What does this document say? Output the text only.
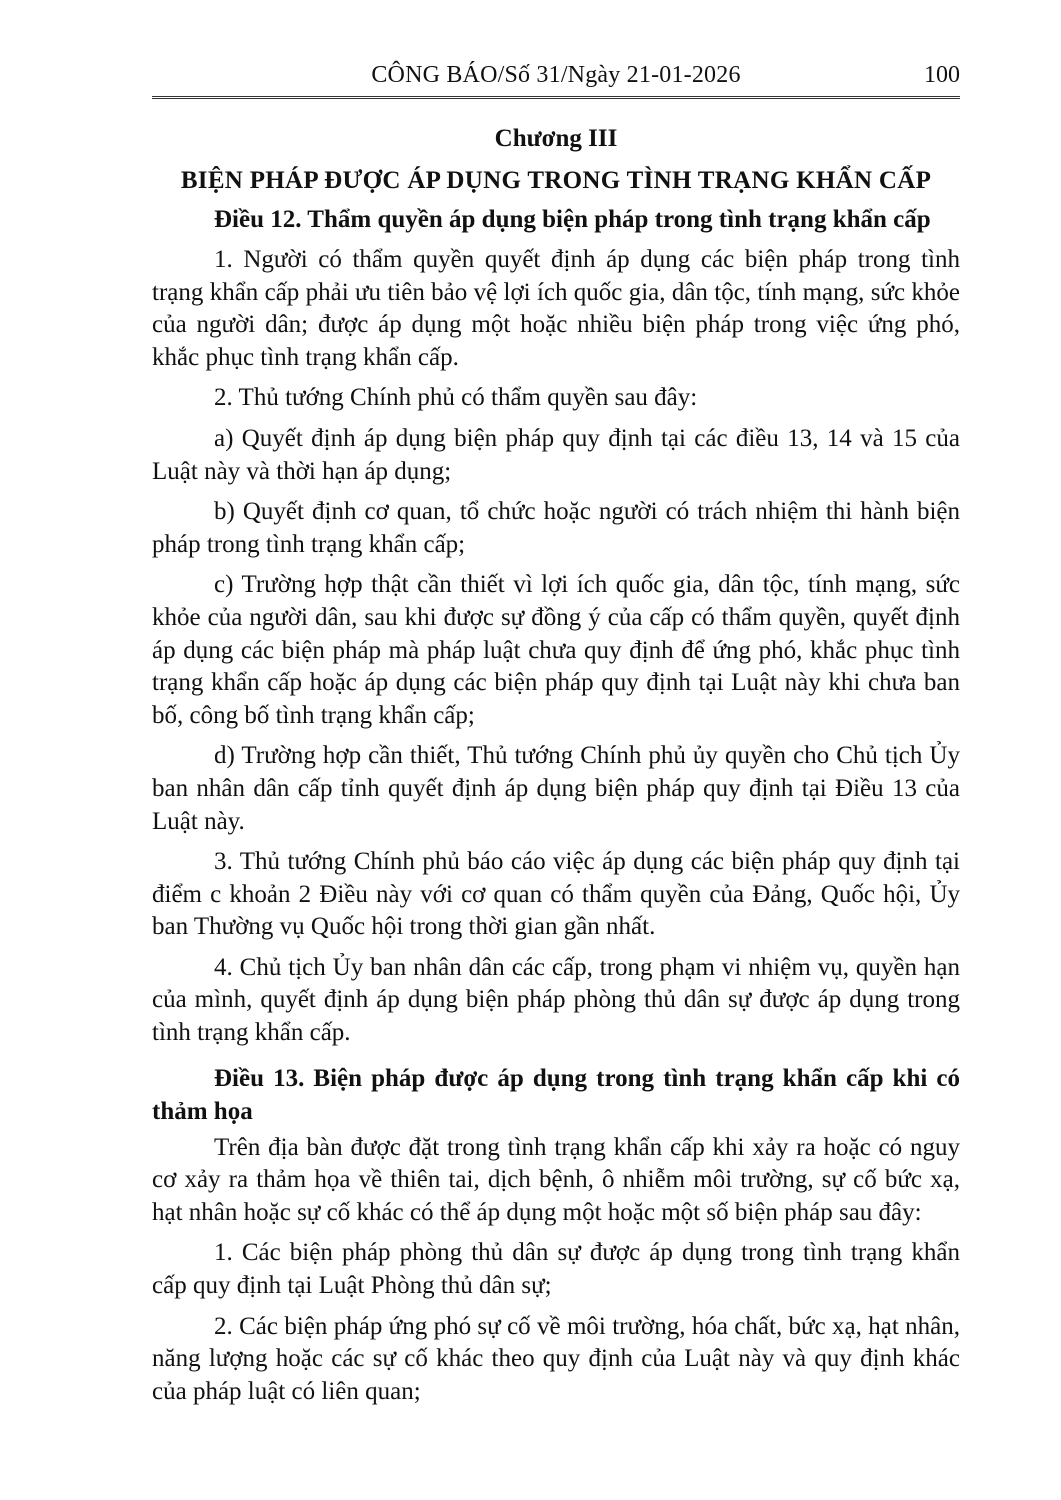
CÔNG BÁO/Số 31/Ngày 21-01-2026	100
Chương III
BIỆN PHÁP ĐƯỢC ÁP DỤNG TRONG TÌNH TRẠNG KHẨN CẤP
Điều 12. Thẩm quyền áp dụng biện pháp trong tình trạng khẩn cấp

1. Người có thẩm quyền quyết định áp dụng các biện pháp trong tình trạng khẩn cấp phải ưu tiên bảo vệ lợi ích quốc gia, dân tộc, tính mạng, sức khỏe của người dân; được áp dụng một hoặc nhiều biện pháp trong việc ứng phó, khắc phục tình trạng khẩn cấp.

2. Thủ tướng Chính phủ có thẩm quyền sau đây:

a) Quyết định áp dụng biện pháp quy định tại các điều 13, 14 và 15 của Luật này và thời hạn áp dụng;

b) Quyết định cơ quan, tổ chức hoặc người có trách nhiệm thi hành biện pháp trong tình trạng khẩn cấp;

c) Trường hợp thật cần thiết vì lợi ích quốc gia, dân tộc, tính mạng, sức khỏe của người dân, sau khi được sự đồng ý của cấp có thẩm quyền, quyết định áp dụng các biện pháp mà pháp luật chưa quy định để ứng phó, khắc phục tình trạng khẩn cấp hoặc áp dụng các biện pháp quy định tại Luật này khi chưa ban bố, công bố tình trạng khẩn cấp;

d) Trường hợp cần thiết, Thủ tướng Chính phủ ủy quyền cho Chủ tịch Ủy ban nhân dân cấp tỉnh quyết định áp dụng biện pháp quy định tại Điều 13 của Luật này.

3. Thủ tướng Chính phủ báo cáo việc áp dụng các biện pháp quy định tại điểm c khoản 2 Điều này với cơ quan có thẩm quyền của Đảng, Quốc hội, Ủy ban Thường vụ Quốc hội trong thời gian gần nhất.

4. Chủ tịch Ủy ban nhân dân các cấp, trong phạm vi nhiệm vụ, quyền hạn của mình, quyết định áp dụng biện pháp phòng thủ dân sự được áp dụng trong tình trạng khẩn cấp.

Điều 13. Biện pháp được áp dụng trong tình trạng khẩn cấp khi có thảm họa

Trên địa bàn được đặt trong tình trạng khẩn cấp khi xảy ra hoặc có nguy cơ xảy ra thảm họa về thiên tai, dịch bệnh, ô nhiễm môi trường, sự cố bức xạ, hạt nhân hoặc sự cố khác có thể áp dụng một hoặc một số biện pháp sau đây:

1. Các biện pháp phòng thủ dân sự được áp dụng trong tình trạng khẩn cấp quy định tại Luật Phòng thủ dân sự;

2. Các biện pháp ứng phó sự cố về môi trường, hóa chất, bức xạ, hạt nhân, năng lượng hoặc các sự cố khác theo quy định của Luật này và quy định khác của pháp luật có liên quan;
